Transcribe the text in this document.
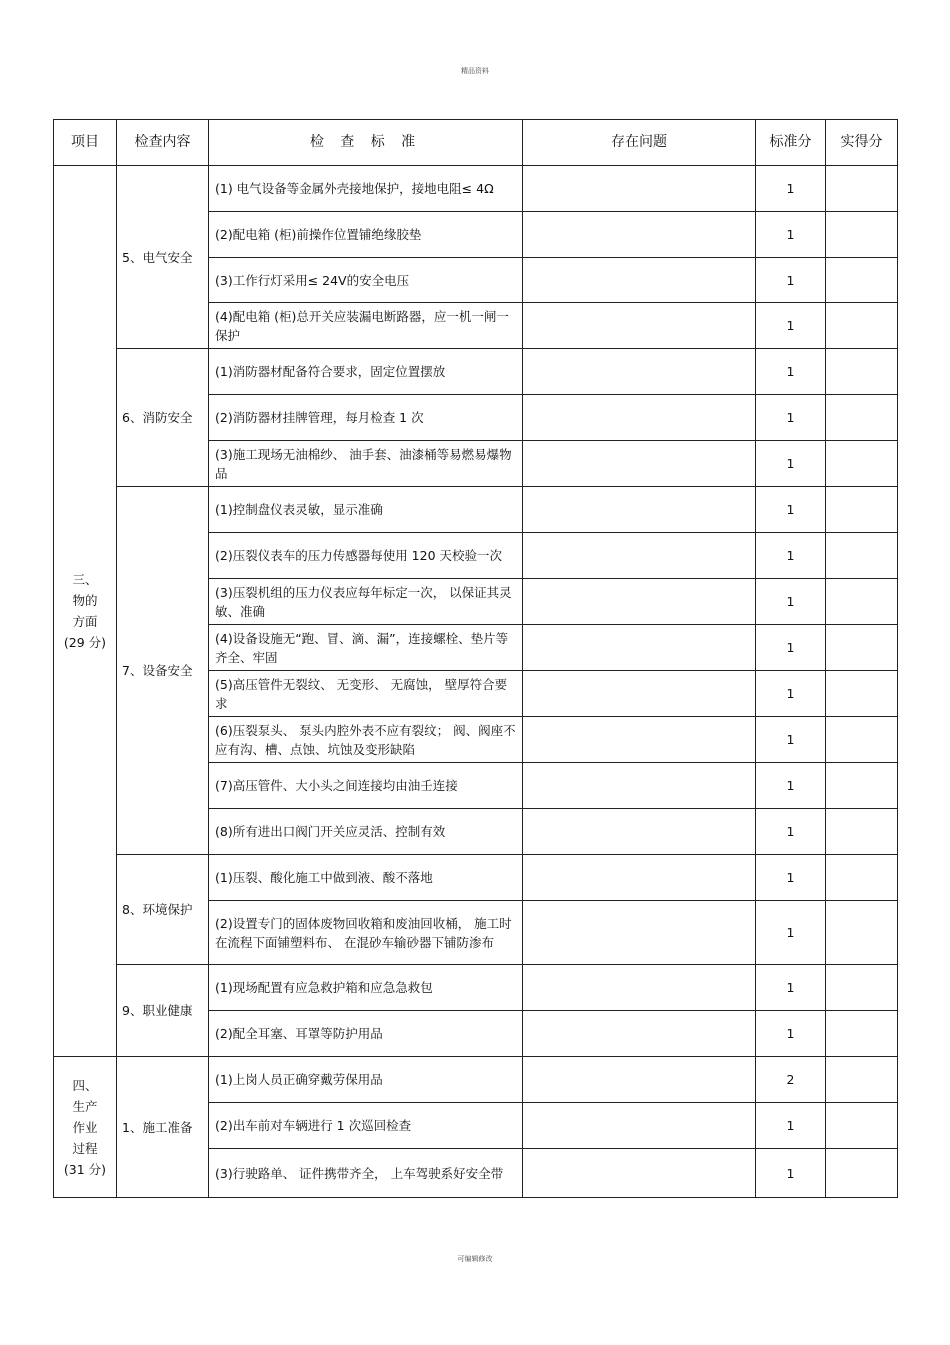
精品资料
项目	检查内容	检 查 标 准	存在问题	标准分	实得分

三、
物的
方面
(29 分)	5、电气安全	(1) 电气设备等金属外壳接地保护，接地电阻≤ 4Ω		1	
		(2)配电箱 (柜)前操作位置铺绝缘胶垫		1	
		(3)工作行灯采用≤ 24V的安全电压		1	
		(4)配电箱 (柜)总开关应装漏电断路器，应一机一闸一保护		1	
	6、消防安全	(1)消防器材配备符合要求，固定位置摆放		1	
		(2)消防器材挂牌管理，每月检查 1 次		1	
		(3)施工现场无油棉纱、 油手套、油漆桶等易燃易爆物品		1	
	7、设备安全	(1)控制盘仪表灵敏，显示准确		1	
		(2)压裂仪表车的压力传感器每使用 120 天校验一次		1	
		(3)压裂机组的压力仪表应每年标定一次， 以保证其灵敏、准确		1	
		(4)设备设施无“跑、冒、滴、漏”，连接螺栓、垫片等齐全、牢固		1	
		(5)高压管件无裂纹、 无变形、 无腐蚀， 壁厚符合要求		1	
		(6)压裂泵头、 泵头内腔外表不应有裂纹； 阀、阀座不应有沟、槽、点蚀、坑蚀及变形缺陷		1	
		(7)高压管件、大小头之间连接均由油壬连接		1	
		(8)所有进出口阀门开关应灵活、控制有效		1	
	8、环境保护	(1)压裂、酸化施工中做到液、酸不落地		1	
		(2)设置专门的固体废物回收箱和废油回收桶， 施工时在流程下面铺塑料布、 在混砂车输砂器下铺防渗布		1	
	9、职业健康	(1)现场配置有应急救护箱和应急急救包		1	
		(2)配全耳塞、耳罩等防护用品		1	

四、
生产
作业
过程
(31 分)	1、施工准备	(1)上岗人员正确穿戴劳保用品		2	
		(2)出车前对车辆进行 1 次巡回检查		1	
		(3)行驶路单、 证件携带齐全， 上车驾驶系好安全带		1	
可编辑修改
